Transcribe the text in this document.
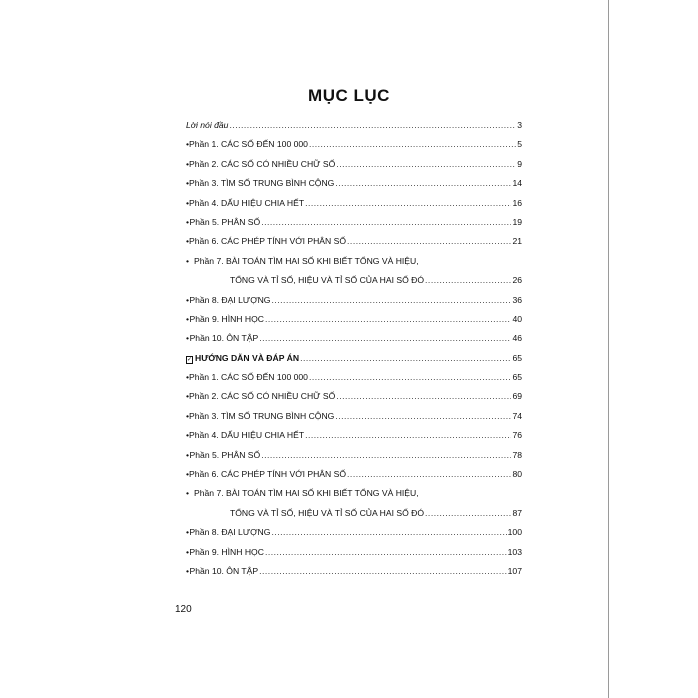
MỤC LỤC
Lời nói đầu .....	3
• Phần 1. CÁC SỐ ĐẾN 100 000 .....	5
• Phần 2. CÁC SỐ CÓ NHIỀU CHỮ SỐ .....	9
• Phần 3. TÌM SỐ TRUNG BÌNH CỘNG .....	14
• Phần 4. DẤU HIỆU CHIA HẾT .....	16
• Phần 5. PHÂN SỐ .....	19
• Phần 6. CÁC PHÉP TÍNH VỚI PHÂN SỐ .....	21
• Phần 7. BÀI TOÁN TÌM HAI SỐ KHI BIẾT TỔNG VÀ HIỆU,
TỔNG VÀ TỈ SỐ, HIỆU VÀ TỈ SỐ CỦA HAI SỐ ĐÓ .....	26
• Phần 8. ĐẠI LƯỢNG .....	36
• Phần 9. HÌNH HỌC .....	40
• Phần 10. ÔN TẬP .....	46
✓ HƯỚNG DẪN VÀ ĐÁP ÁN .....	65
• Phần 1. CÁC SỐ ĐẾN 100 000 .....	65
• Phần 2. CÁC SỐ CÓ NHIỀU CHỮ SỐ .....	69
• Phần 3. TÌM SỐ TRUNG BÌNH CỘNG .....	74
• Phần 4. DẤU HIỆU CHIA HẾT .....	76
• Phần 5. PHÂN SỐ .....	78
• Phần 6. CÁC PHÉP TÍNH VỚI PHÂN SỐ .....	80
• Phần 7. BÀI TOÁN TÌM HAI SỐ KHI BIẾT TỔNG VÀ HIỆU,
TỔNG VÀ TỈ SỐ, HIỆU VÀ TỈ SỐ CỦA HAI SỐ ĐÓ .....	87
• Phần 8. ĐẠI LƯỢNG .....	100
• Phần 9. HÌNH HỌC .....	103
• Phần 10. ÔN TẬP .....	107
120
